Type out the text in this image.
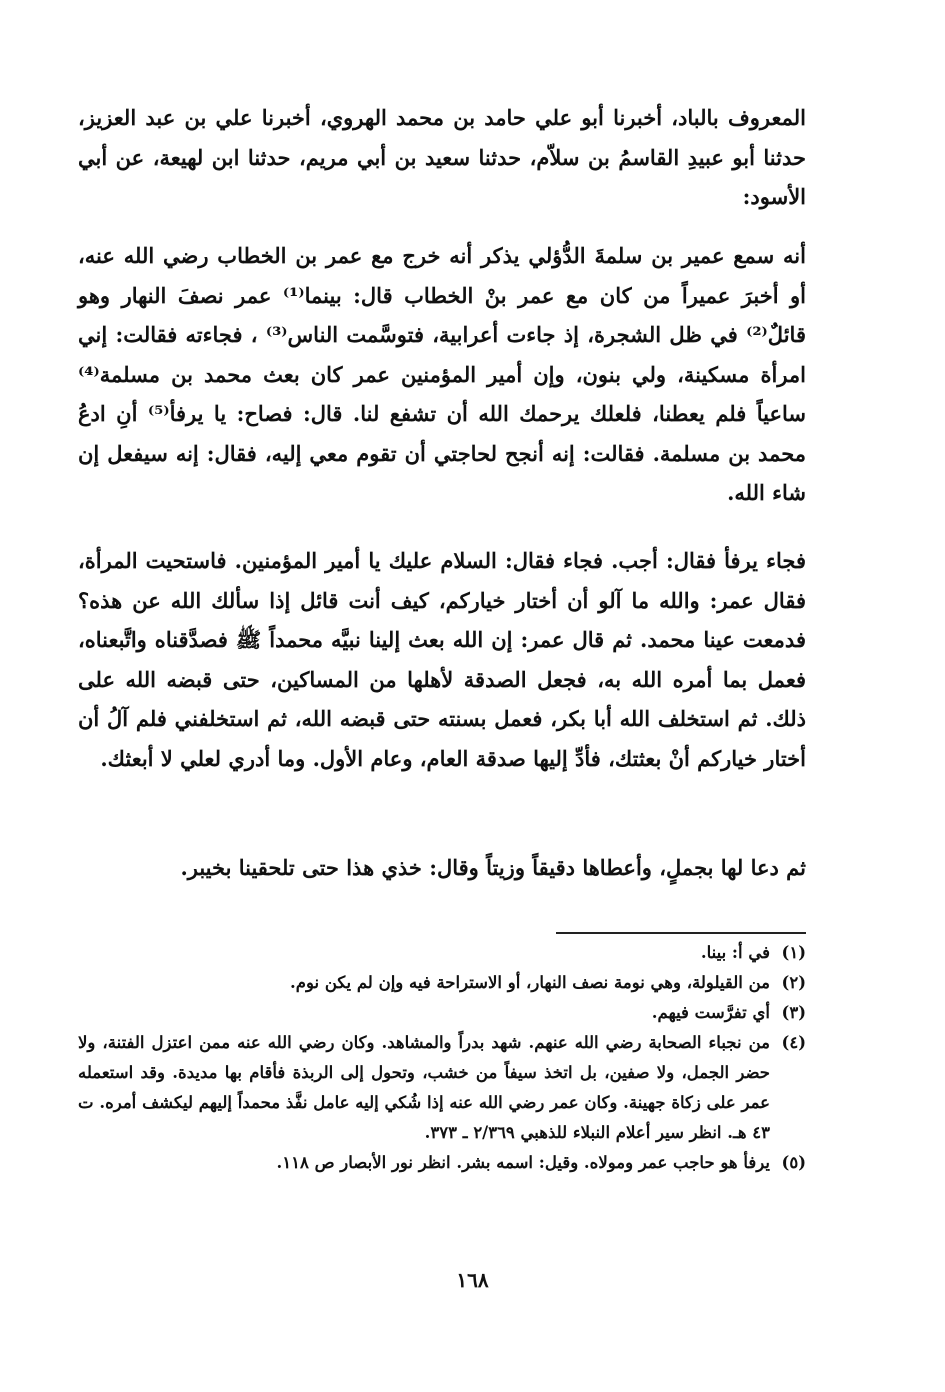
المعروف بالباد، أخبرنا أبو علي حامد بن محمد الهروي، أخبرنا علي بن عبد العزيز، حدثنا أبو عبيدِ القاسمُ بن سلاّم، حدثنا سعيد بن أبي مريم، حدثنا ابن لهيعة، عن أبي الأسود:

أنه سمع عمير بن سلمةَ الدُّؤلي يذكر أنه خرج مع عمر بن الخطاب رضي الله عنه، أو أخبرَ عميراً من كان مع عمر بنْ الخطاب قال: بينما⁽¹⁾ عمر نصفَ النهار وهو قائلٌ⁽²⁾ في ظل الشجرة، إذ جاءت أعرابية، فتوسَّمت الناس⁽³⁾ ، فجاءته فقالت: إني امرأة مسكينة، ولي بنون، وإن أمير المؤمنين عمر كان بعث محمد بن مسلمة⁽⁴⁾ ساعياً فلم يعطنا، فلعلك يرحمك الله أن تشفع لنا. قال: فصاح: يا يرفأ⁽⁵⁾ أنِ ادعُ محمد بن مسلمة. فقالت: إنه أنجح لحاجتي أن تقوم معي إليه، فقال: إنه سيفعل إن شاء الله.

فجاء يرفأ فقال: أجب. فجاء فقال: السلام عليك يا أمير المؤمنين. فاستحيت المرأة، فقال عمر: والله ما آلو أن أختار خياركم، كيف أنت قائل إذا سألك الله عن هذه؟ فدمعت عينا محمد. ثم قال عمر: إن الله بعث إلينا نبيَّه محمداً ﷺ فصدَّقناه واتَّبعناه، فعمل بما أمره الله به، فجعل الصدقة لأهلها من المساكين، حتى قبضه الله على ذلك. ثم استخلف الله أبا بكر، فعمل بسنته حتى قبضه الله، ثم استخلفني فلم آلُ أن أختار خياركم أنْ بعثتك، فأدِّ إليها صدقة العام، وعام الأول. وما أدري لعلي لا أبعثك.

ثم دعا لها بجملٍ، وأعطاها دقيقاً وزيتاً وقال: خذي هذا حتى تلحقينا بخيبر.

(١)
في أ: بينا.
(٢)
من القيلولة، وهي نومة نصف النهار، أو الاستراحة فيه وإن لم يكن نوم.
(٣)
أي تفرَّست فيهم.
(٤)
من نجباء الصحابة رضي الله عنهم. شهد بدراً والمشاهد. وكان رضي الله عنه ممن اعتزل الفتنة، ولا حضر الجمل، ولا صفين، بل اتخذ سيفاً من خشب، وتحول إلى الربذة فأقام بها مديدة. وقد استعمله عمر على زكاة جهينة. وكان عمر رضي الله عنه إذا شُكي إليه عامل نفَّذ محمداً إليهم ليكشف أمره. ت ٤٣ هـ. انظر سير أعلام النبلاء للذهبي ٢/٣٦٩ ـ ٣٧٣.
(٥)
يرفأ هو حاجب عمر ومولاه. وقيل: اسمه بشر. انظر نور الأبصار ص ١١٨.
١٦٨
